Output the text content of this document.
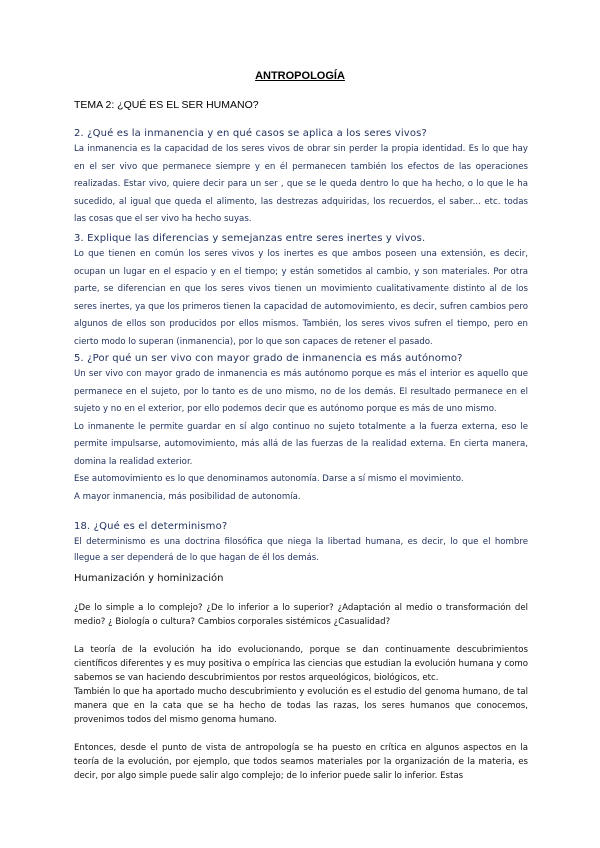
ANTROPOLOGÍA
TEMA 2: ¿QUÉ ES EL SER HUMANO?

2. ¿Qué es la inmanencia y en qué casos se aplica a los seres vivos?

La inmanencia es la capacidad de los seres vivos de obrar sin perder la propia identidad. Es lo que hay en el ser vivo que permanece siempre y en él permanecen también los efectos de las operaciones realizadas. Estar vivo, quiere decir para un ser , que se le queda dentro lo que ha hecho, o lo que le ha sucedido, al igual que queda el alimento, las destrezas adquiridas, los recuerdos, el saber... etc. todas las cosas que el ser vivo ha hecho suyas.

3. Explique las diferencias y semejanzas entre seres inertes y vivos.

Lo que tienen en común los seres vivos y los inertes es que ambos poseen una extensión, es decir, ocupan un lugar en el espacio y en el tiempo; y están sometidos al cambio, y son materiales. Por otra parte, se diferencian en que los seres vivos tienen un movimiento cualitativamente distinto al de los seres inertes, ya que los primeros tienen la capacidad de automovimiento, es decir, sufren cambios pero algunos de ellos son producidos por ellos mismos. También, los seres vivos sufren el tiempo, pero en cierto modo lo superan (inmanencia), por lo que son capaces de retener el pasado.

5. ¿Por qué un ser vivo con mayor grado de inmanencia es más autónomo?

Un ser vivo con mayor grado de inmanencia es más autónomo porque es más el interior es aquello que permanece en el sujeto, por lo tanto es de uno mismo, no de los demás. El resultado permanece en el sujeto y no en el exterior, por ello podemos decir que es autónomo porque es más de uno mismo.

Lo inmanente le permite guardar en sí algo continuo no sujeto totalmente a la fuerza externa, eso le permite impulsarse, automovimiento, más allá de las fuerzas de la realidad externa. En cierta manera, domina la realidad exterior.

Ese automovimiento es lo que denominamos autonomía. Darse a sí mismo el movimiento.

A mayor inmanencia, más posibilidad de autonomía.

18. ¿Qué es el determinismo?

El determinismo es una doctrina filosófica que niega la libertad humana, es decir, lo que el hombre llegue a ser dependerá de lo que hagan de él los demás.

Humanización y hominización

¿De lo simple a lo complejo? ¿De lo inferior a lo superior? ¿Adaptación al medio o transformación del medio? ¿ Biología o cultura? Cambios corporales sistémicos ¿Casualidad?

La teoría de la evolución ha ido evolucionando, porque se dan continuamente descubrimientos científicos diferentes y es muy positiva o empírica las ciencias que estudian la evolución humana y como sabemos se van haciendo descubrimientos por restos arqueológicos, biológicos, etc.

También lo que ha aportado mucho descubrimiento y evolución es el estudio del genoma humano, de tal manera que en la cata que se ha hecho de todas las razas, los seres humanos que conocemos, provenimos todos del mismo genoma humano.

Entonces, desde el punto de vista de antropología se ha puesto en crítica en algunos aspectos en la teoría de la evolución, por ejemplo, que todos seamos materiales por la organización de la materia, es decir, por algo simple puede salir algo complejo; de lo inferior puede salir lo inferior. Estas
